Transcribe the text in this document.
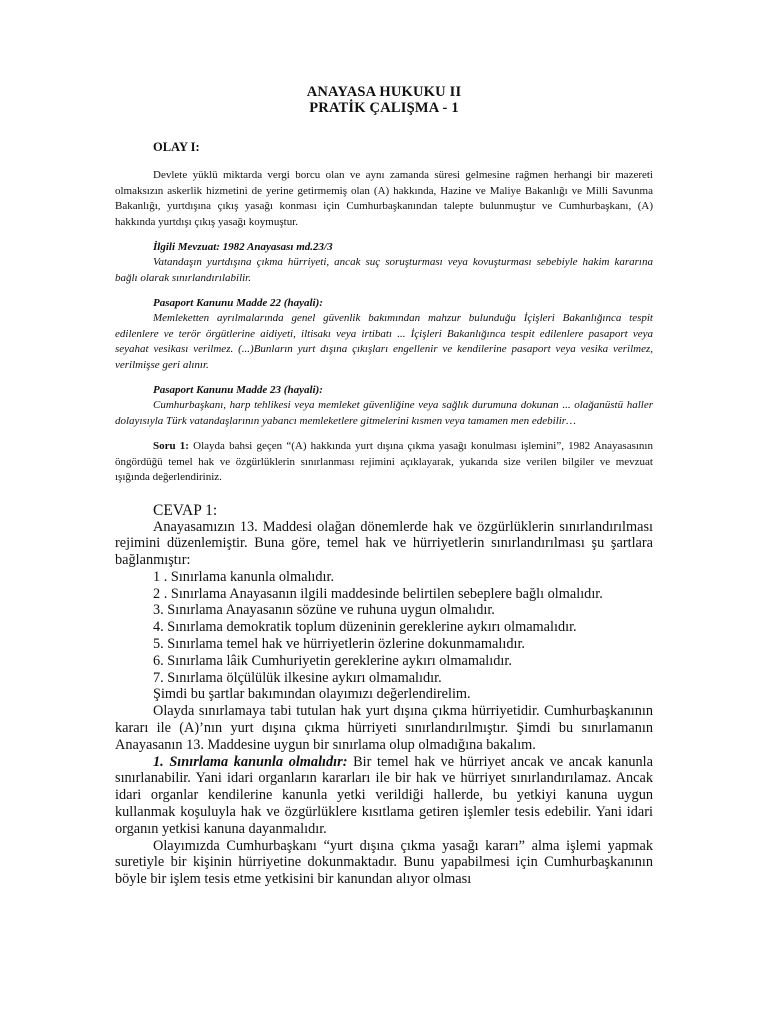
ANAYASA HUKUKU II
PRATİK ÇALIŞMA - 1
OLAY I:
Devlete yüklü miktarda vergi borcu olan ve aynı zamanda süresi gelmesine rağmen herhangi bir mazereti olmaksızın askerlik hizmetini de yerine getirmemiş olan (A) hakkında, Hazine ve Maliye Bakanlığı ve Milli Savunma Bakanlığı, yurtdışına çıkış yasağı konması için Cumhurbaşkanından talepte bulunmuştur ve Cumhurbaşkanı, (A) hakkında yurtdışı çıkış yasağı koymuştur.
İlgili Mevzuat: 1982 Anayasası md.23/3
Vatandaşın yurtdışına çıkma hürriyeti, ancak suç soruşturması veya kovuşturması sebebiyle hakim kararına bağlı olarak sınırlandırılabilir.
Pasaport Kanunu Madde 22 (hayali):
Memleketten ayrılmalarında genel güvenlik bakımından mahzur bulunduğu İçişleri Bakanlığınca tespit edilenlere ve terör örgütlerine aidiyeti, iltisakı veya irtibatı ... İçişleri Bakanlığınca tespit edilenlere pasaport veya seyahat vesikası verilmez. (...)Bunların yurt dışına çıkışları engellenir ve kendilerine pasaport veya vesika verilmez, verilmişse geri alınır.
Pasaport Kanunu Madde 23 (hayali):
Cumhurbaşkanı, harp tehlikesi veya memleket güvenliğine veya sağlık durumuna dokunan ... olağanüstü haller dolayısıyla Türk vatandaşlarının yabancı memleketlere gitmelerini kısmen veya tamamen men edebilir…
Soru 1: Olayda bahsi geçen “(A) hakkında yurt dışına çıkma yasağı konulması işlemini”, 1982 Anayasasının öngördüğü temel hak ve özgürlüklerin sınırlanması rejimini açıklayarak, yukarıda size verilen bilgiler ve mevzuat ışığında değerlendiriniz.
CEVAP 1:
Anayasamızın 13. Maddesi olağan dönemlerde hak ve özgürlüklerin sınırlandırılması rejimini düzenlemiştir. Buna göre, temel hak ve hürriyetlerin sınırlandırılması şu şartlara bağlanmıştır:
1 . Sınırlama kanunla olmalıdır.
2 . Sınırlama Anayasanın ilgili maddesinde belirtilen sebeplere bağlı olmalıdır.
3. Sınırlama Anayasanın sözüne ve ruhuna uygun olmalıdır.
4. Sınırlama demokratik toplum düzeninin gereklerine aykırı olmamalıdır.
5. Sınırlama temel hak ve hürriyetlerin özlerine dokunmamalıdır.
6. Sınırlama lâik Cumhuriyetin gereklerine aykırı olmamalıdır.
7. Sınırlama ölçülülük ilkesine aykırı olmamalıdır.
Şimdi bu şartlar bakımından olayımızı değerlendirelim.
Olayda sınırlamaya tabi tutulan hak yurt dışına çıkma hürriyetidir. Cumhurbaşkanının kararı ile (A)’nın yurt dışına çıkma hürriyeti sınırlandırılmıştır. Şimdi bu sınırlamanın Anayasanın 13. Maddesine uygun bir sınırlama olup olmadığına bakalım.
1. Sınırlama kanunla olmalıdır: Bir temel hak ve hürriyet ancak ve ancak kanunla sınırlanabilir. Yani idari organların kararları ile bir hak ve hürriyet sınırlandırılamaz. Ancak idari organlar kendilerine kanunla yetki verildiği hallerde, bu yetkiyi kanuna uygun kullanmak koşuluyla hak ve özgürlüklere kısıtlama getiren işlemler tesis edebilir. Yani idari organın yetkisi kanuna dayanmalıdır.
Olayımızda Cumhurbaşkanı “yurt dışına çıkma yasağı kararı” alma işlemi yapmak suretiyle bir kişinin hürriyetine dokunmaktadır. Bunu yapabilmesi için Cumhurbaşkanının böyle bir işlem tesis etme yetkisini bir kanundan alıyor olması
